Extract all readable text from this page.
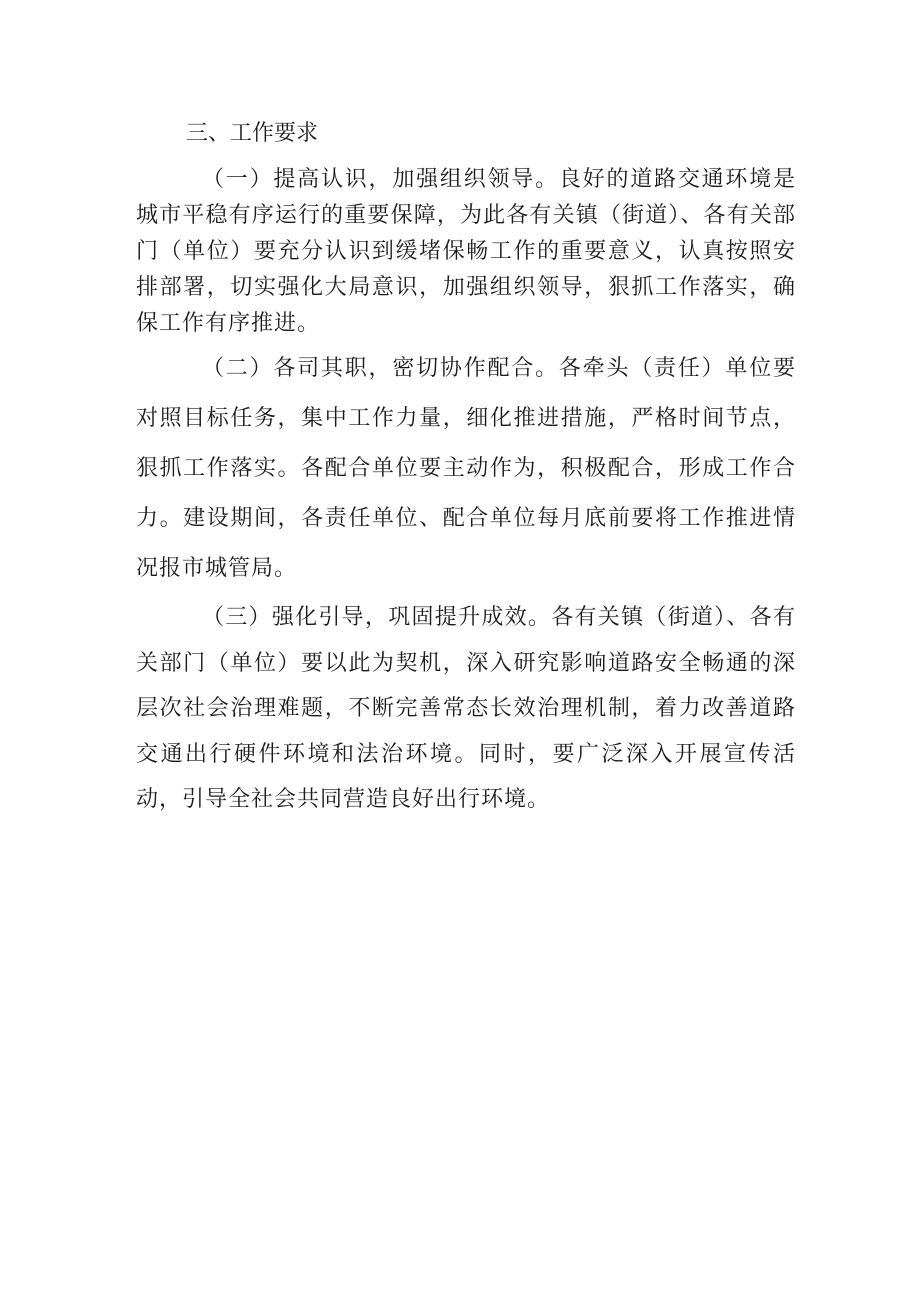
三、工作要求

（一）提高认识，加强组织领导。良好的道路交通环境是城市平稳有序运行的重要保障，为此各有关镇（街道）、各有关部门（单位）要充分认识到缓堵保畅工作的重要意义，认真按照安排部署，切实强化大局意识，加强组织领导，狠抓工作落实，确保工作有序推进。

（二）各司其职，密切协作配合。各牵头（责任）单位要对照目标任务，集中工作力量，细化推进措施，严格时间节点，狠抓工作落实。各配合单位要主动作为，积极配合，形成工作合力。建设期间，各责任单位、配合单位每月底前要将工作推进情况报市城管局。

（三）强化引导，巩固提升成效。各有关镇（街道）、各有关部门（单位）要以此为契机，深入研究影响道路安全畅通的深层次社会治理难题，不断完善常态长效治理机制，着力改善道路交通出行硬件环境和法治环境。同时，要广泛深入开展宣传活动，引导全社会共同营造良好出行环境。
